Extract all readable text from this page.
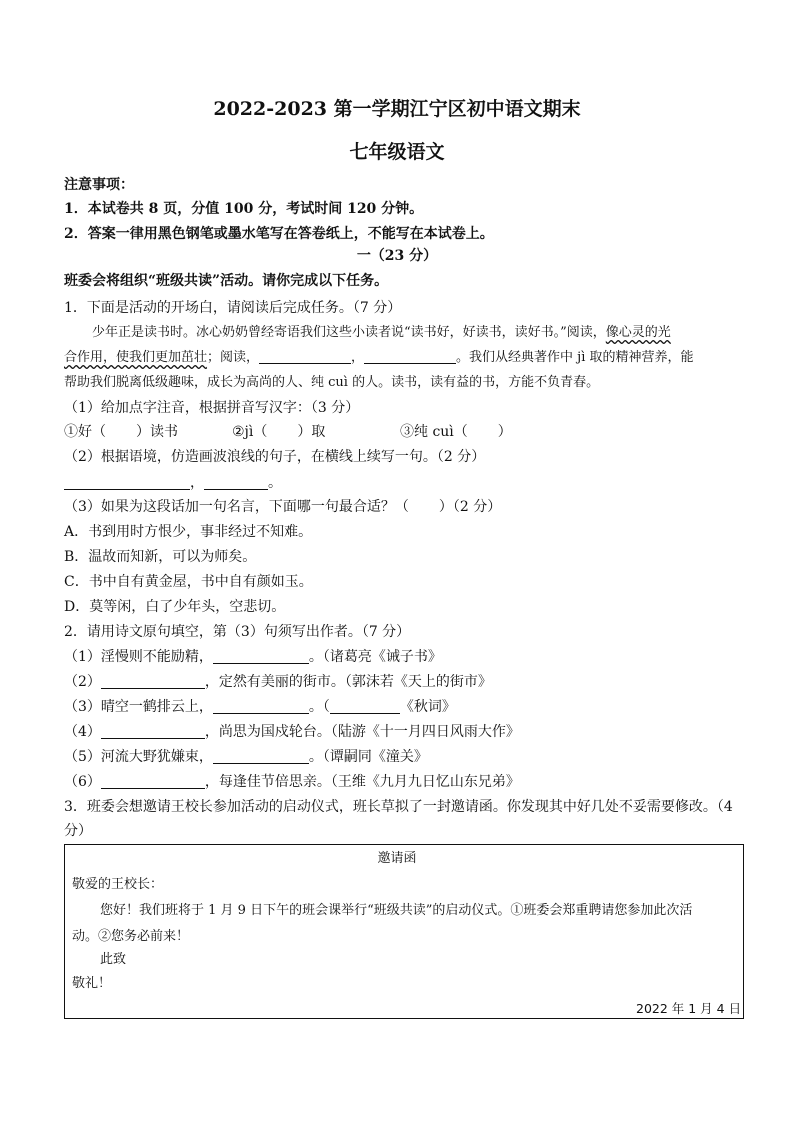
2022-2023 第一学期江宁区初中语文期末
七年级语文
注意事项：
1．本试卷共 8 页，分值 100 分，考试时间 120 分钟。
2．答案一律用黑色钢笔或墨水笔写在答卷纸上，不能写在本试卷上。
一（23 分）
班委会将组织“班级共读”活动。请你完成以下任务。
1．下面是活动的开场白，请阅读后完成任务。（7 分）
少年正是读书时。冰心奶奶曾经寄语我们这些小读者说“读书好，好读书，读好书。”阅读，像心灵的光
合作用，使我们更加茁壮；阅读，	，	。我们从经典著作中 jì 取的精神营养，能
帮助我们脱离低级趣味，成长为高尚的人、纯 cuì 的人。读书，读有益的书，方能不负青春。
（1）给加点字注音，根据拼音写汉字：（3 分）
①好（ ）读书	②jì（ ）取	③纯 cuì（ ）
（2）根据语境，仿造画波浪线的句子，在横线上续写一句。（2 分）
，	。
（3）如果为这段话加一句名言，下面哪一句最合适？（ ）（2 分）
A．书到用时方恨少，事非经过不知难。
B．温故而知新，可以为师矣。
C．书中自有黄金屋，书中自有颜如玉。
D．莫等闲，白了少年头，空悲切。
2．请用诗文原句填空，第（3）句须写出作者。（7 分）
（1）淫慢则不能励精，	。（诸葛亮《诫子书》
（2）	，定然有美丽的街市。（郭沫若《天上的街市》
（3）晴空一鹤排云上，	。（	《秋词》
（4）	，尚思为国戍轮台。（陆游《十一月四日风雨大作》
（5）河流大野犹嫌束，	。（谭嗣同《潼关》
（6）	，每逢佳节倍思亲。（王维《九月九日忆山东兄弟》
3．班委会想邀请王校长参加活动的启动仪式，班长草拟了一封邀请函。你发现其中好几处不妥需要修改。（4
分）
邀请函
敬爱的王校长：
您好！我们班将于 1 月 9 日下午的班会课举行“班级共读”的启动仪式。①班委会郑重聘请您参加此次活
动。②您务必前来！
此致
敬礼！
2022 年 1 月 4 日
